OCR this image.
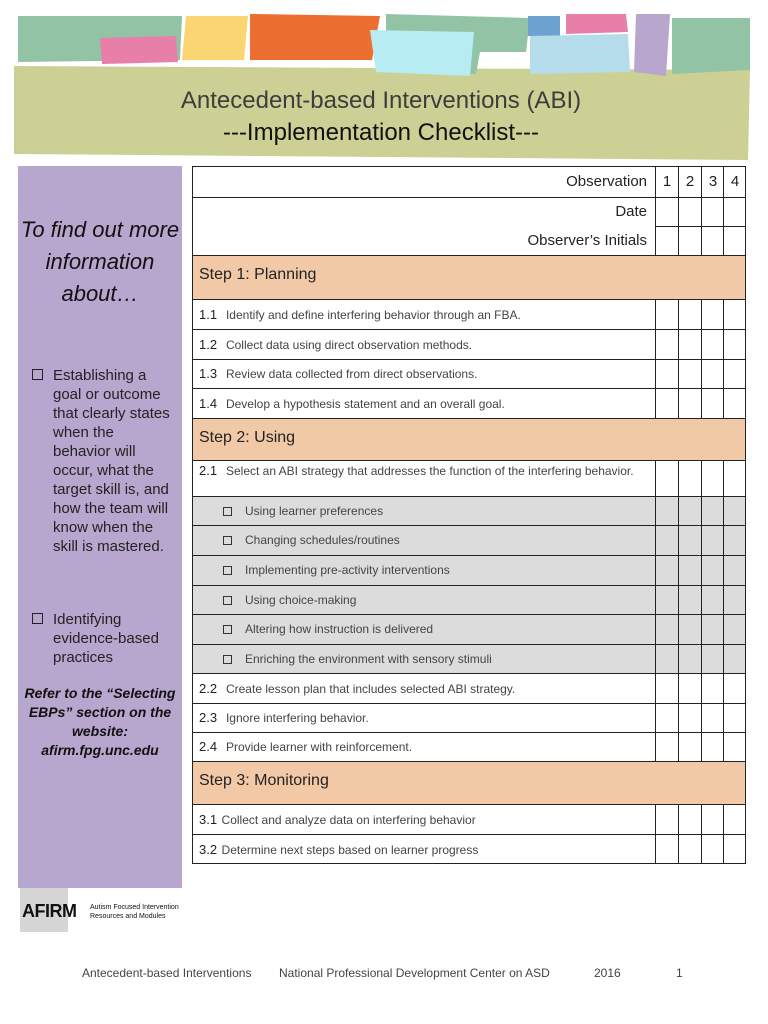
Antecedent-based Interventions (ABI)
---Implementation Checklist---
To find out more information about…
Establishing a goal or outcome that clearly states when the behavior will occur, what the target skill is, and how the team will know when the skill is mastered.
Identifying evidence-based practices
Refer to the “Selecting EBPs” section on the website: afirm.fpg.unc.edu
AFIRM Autism Focused Intervention Resources and Modules
Observation	1 2 3 4
Date
Observer’s Initials
Step 1: Planning
1.1 Identify and define interfering behavior through an FBA.
1.2 Collect data using direct observation methods.
1.3 Review data collected from direct observations.
1.4 Develop a hypothesis statement and an overall goal.
Step 2: Using
2.1 Select an ABI strategy that addresses the function of the interfering behavior.
Using learner preferences
Changing schedules/routines
Implementing pre-activity interventions
Using choice-making
Altering how instruction is delivered
Enriching the environment with sensory stimuli
2.2 Create lesson plan that includes selected ABI strategy.
2.3 Ignore interfering behavior.
2.4 Provide learner with reinforcement.
Step 3: Monitoring
3.1 Collect and analyze data on interfering behavior
3.2 Determine next steps based on learner progress
Antecedent-based Interventions National Professional Development Center on ASD	2016	1
